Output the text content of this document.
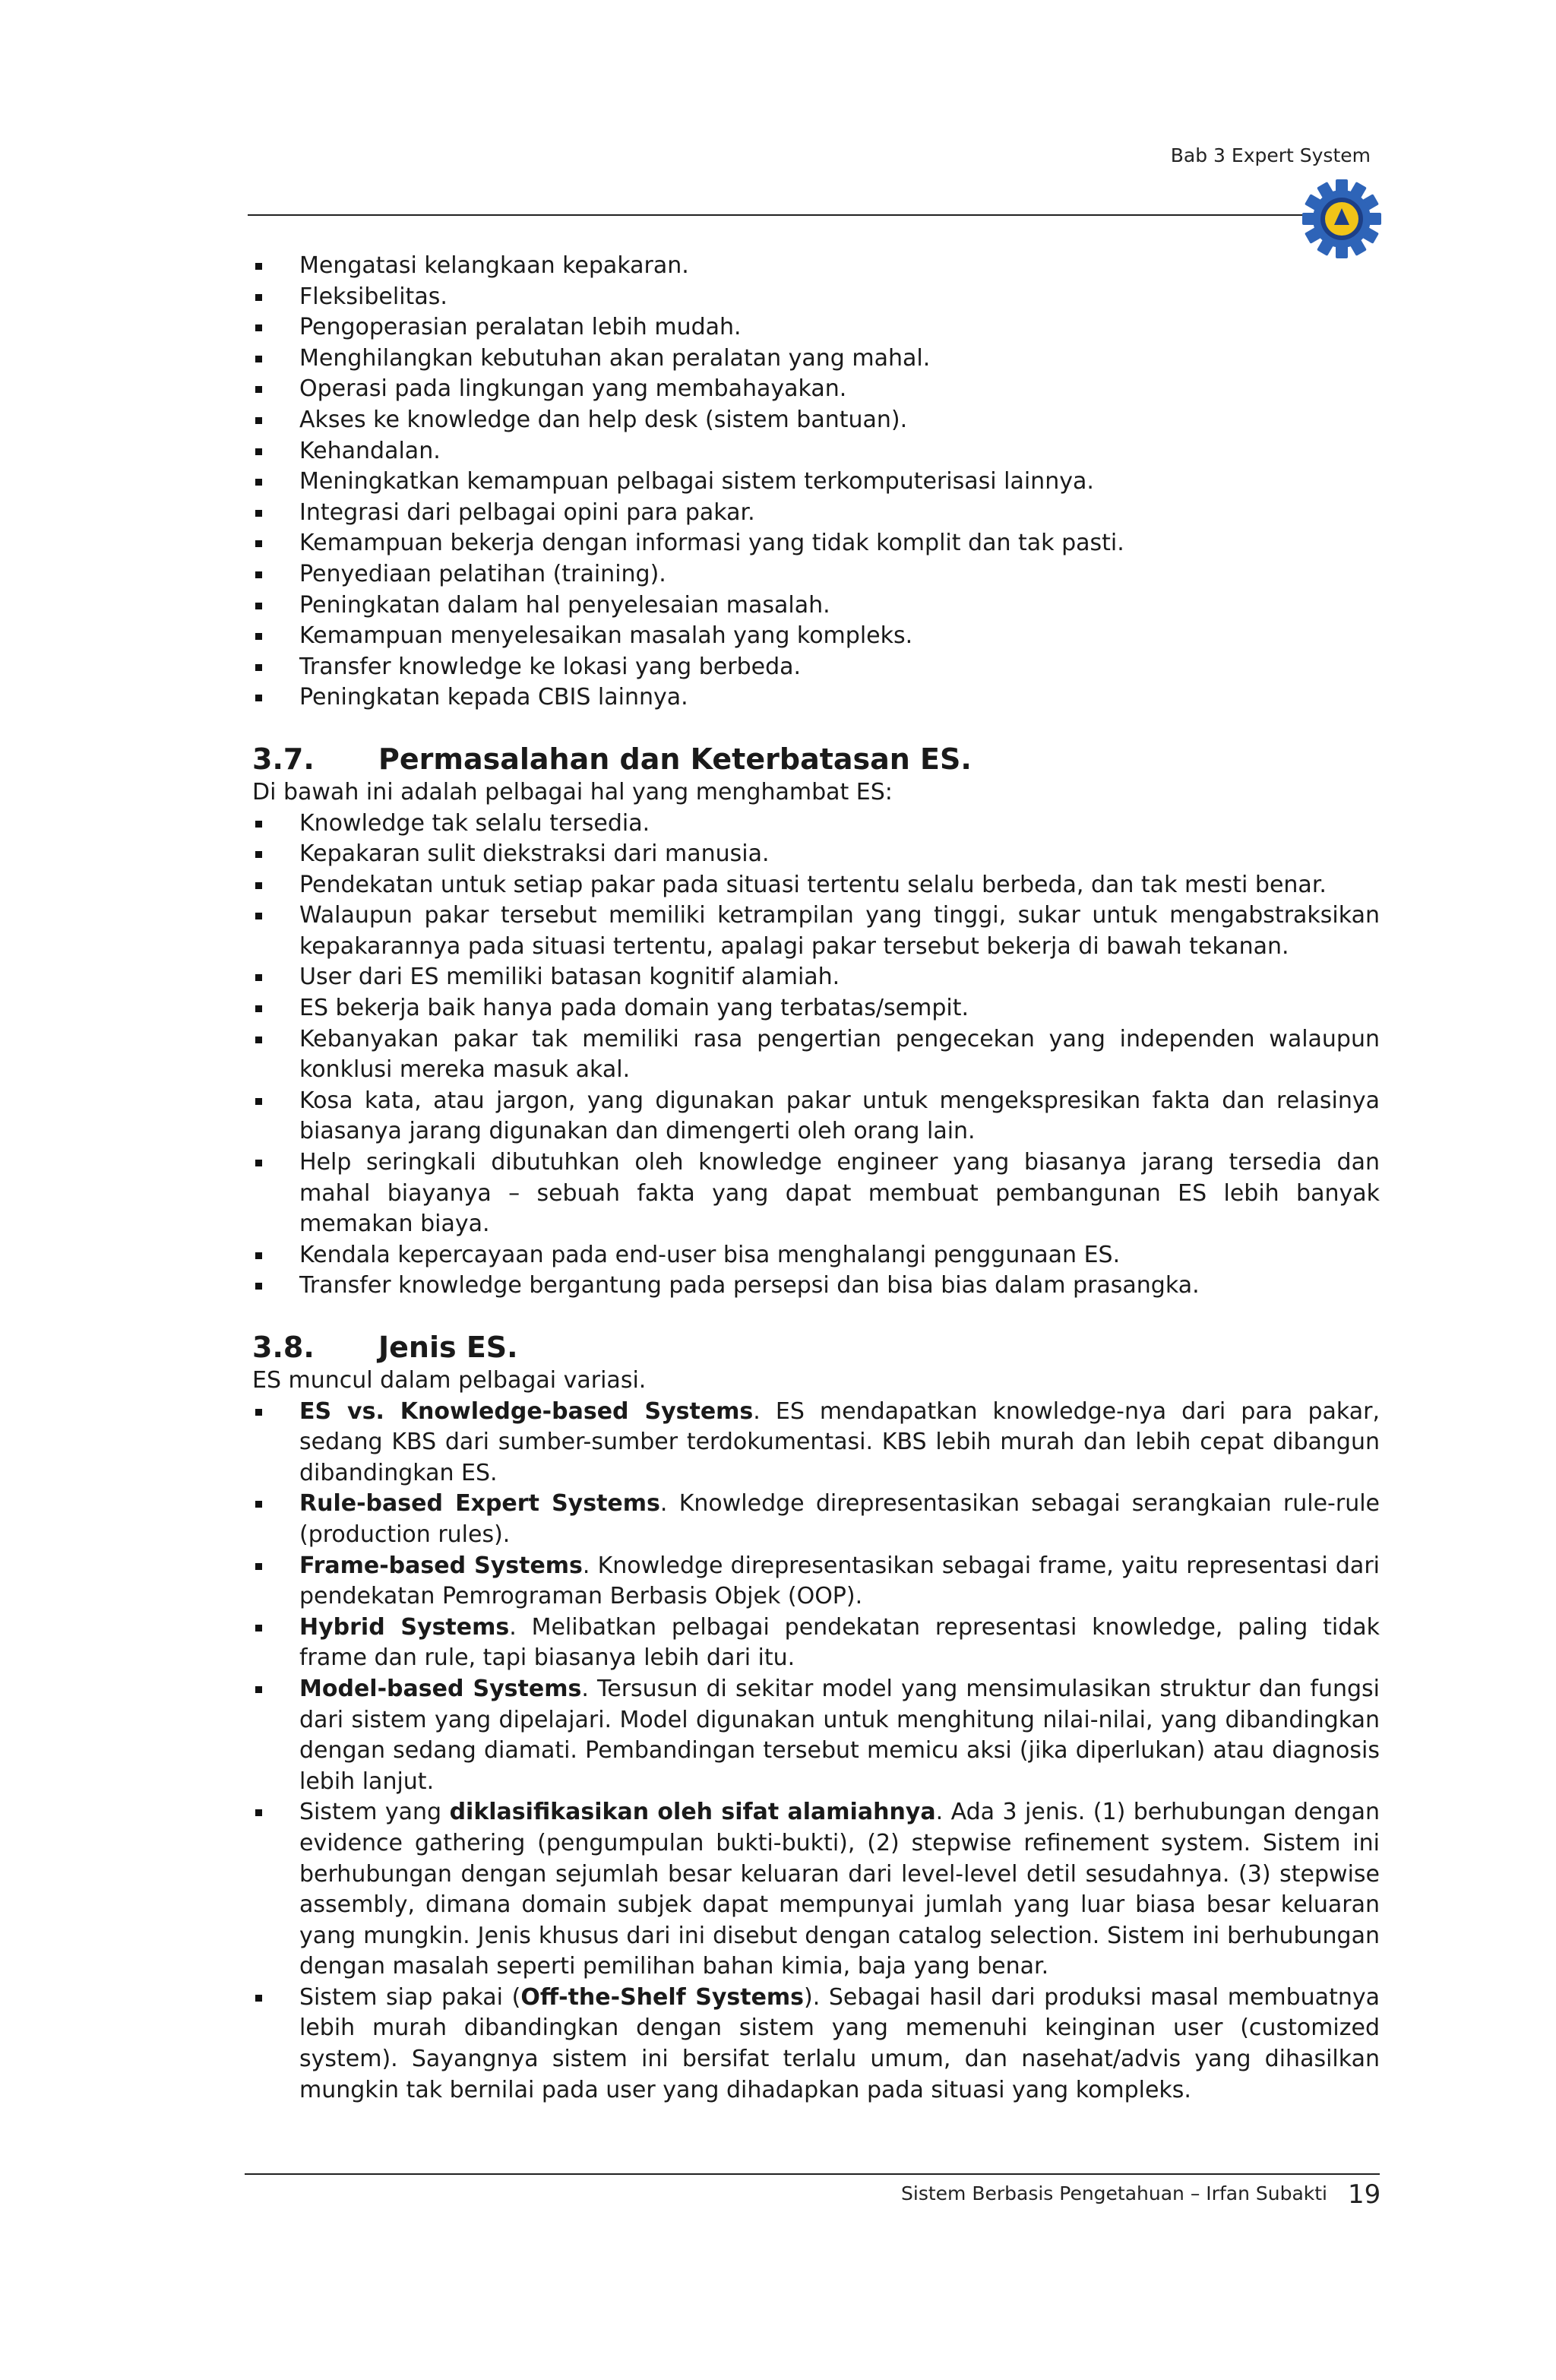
Bab 3 Expert System
Mengatasi kelangkaan kepakaran.
Fleksibelitas.
Pengoperasian peralatan lebih mudah.
Menghilangkan kebutuhan akan peralatan yang mahal.
Operasi pada lingkungan yang membahayakan.
Akses ke knowledge dan help desk (sistem bantuan).
Kehandalan.
Meningkatkan kemampuan pelbagai sistem terkomputerisasi lainnya.
Integrasi dari pelbagai opini para pakar.
Kemampuan bekerja dengan informasi yang tidak komplit dan tak pasti.
Penyediaan pelatihan (training).
Peningkatan dalam hal penyelesaian masalah.
Kemampuan menyelesaikan masalah yang kompleks.
Transfer knowledge ke lokasi yang berbeda.
Peningkatan kepada CBIS lainnya.
3.7.	Permasalahan dan Keterbatasan ES.

Di bawah ini adalah pelbagai hal yang menghambat ES:

Knowledge tak selalu tersedia.
Kepakaran sulit diekstraksi dari manusia.
Pendekatan untuk setiap pakar pada situasi tertentu selalu berbeda, dan tak mesti benar.
Walaupun pakar tersebut memiliki ketrampilan yang tinggi, sukar untuk mengabstraksikan kepakarannya pada situasi tertentu, apalagi pakar tersebut bekerja di bawah tekanan.
User dari ES memiliki batasan kognitif alamiah.
ES bekerja baik hanya pada domain yang terbatas/sempit.
Kebanyakan pakar tak memiliki rasa pengertian pengecekan yang independen walaupun konklusi mereka masuk akal.
Kosa kata, atau jargon, yang digunakan pakar untuk mengekspresikan fakta dan relasinya biasanya jarang digunakan dan dimengerti oleh orang lain.
Help seringkali dibutuhkan oleh knowledge engineer yang biasanya jarang tersedia dan mahal biayanya – sebuah fakta yang dapat membuat pembangunan ES lebih banyak memakan biaya.
Kendala kepercayaan pada end-user bisa menghalangi penggunaan ES.
Transfer knowledge bergantung pada persepsi dan bisa bias dalam prasangka.
3.8.	Jenis ES.

ES muncul dalam pelbagai variasi.

ES vs. Knowledge-based Systems. ES mendapatkan knowledge-nya dari para pakar, sedang KBS dari sumber-sumber terdokumentasi. KBS lebih murah dan lebih cepat dibangun dibandingkan ES.
Rule-based Expert Systems. Knowledge direpresentasikan sebagai serangkaian rule-rule (production rules).
Frame-based Systems. Knowledge direpresentasikan sebagai frame, yaitu representasi dari pendekatan Pemrograman Berbasis Objek (OOP).
Hybrid Systems. Melibatkan pelbagai pendekatan representasi knowledge, paling tidak frame dan rule, tapi biasanya lebih dari itu.
Model-based Systems. Tersusun di sekitar model yang mensimulasikan struktur dan fungsi dari sistem yang dipelajari. Model digunakan untuk menghitung nilai-nilai, yang dibandingkan dengan sedang diamati. Pembandingan tersebut memicu aksi (jika diperlukan) atau diagnosis lebih lanjut.
Sistem yang diklasifikasikan oleh sifat alamiahnya. Ada 3 jenis. (1) berhubungan dengan evidence gathering (pengumpulan bukti-bukti), (2) stepwise refinement system. Sistem ini berhubungan dengan sejumlah besar keluaran dari level-level detil sesudahnya. (3) stepwise assembly, dimana domain subjek dapat mempunyai jumlah yang luar biasa besar keluaran yang mungkin. Jenis khusus dari ini disebut dengan catalog selection. Sistem ini berhubungan dengan masalah seperti pemilihan bahan kimia, baja yang benar.
Sistem siap pakai (Off-the-Shelf Systems). Sebagai hasil dari produksi masal membuatnya lebih murah dibandingkan dengan sistem yang memenuhi keinginan user (customized system). Sayangnya sistem ini bersifat terlalu umum, dan nasehat/advis yang dihasilkan mungkin tak bernilai pada user yang dihadapkan pada situasi yang kompleks.
Sistem Berbasis Pengetahuan – Irfan Subakti 19
